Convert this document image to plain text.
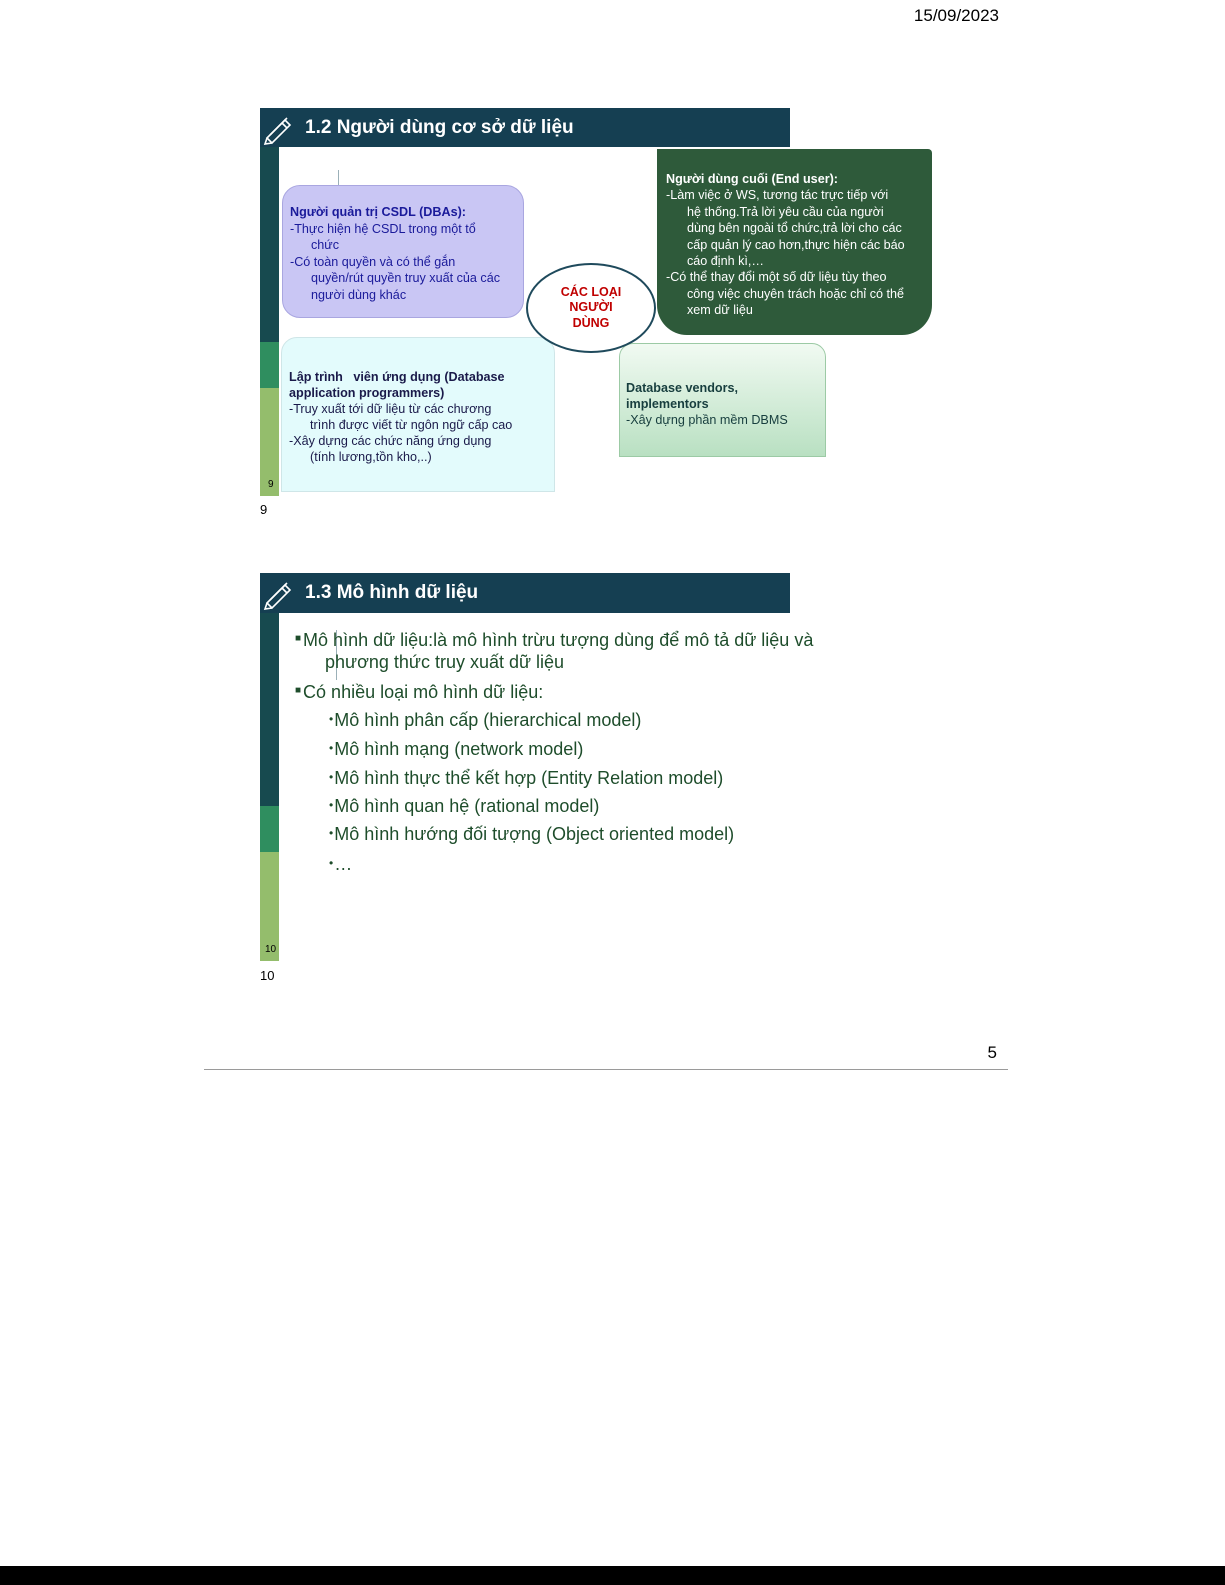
15/09/2023
9
1.2 Người dùng cơ sở dữ liệu
Người quản trị CSDL (DBAs):
-Thực hiện hệ CSDL trong một tổ
chức
-Có toàn quyền và có thể gắn
quyền/rút quyền truy xuất của các
người dùng khác
Người dùng cuối (End user):
-Làm việc ở WS, tương tác trực tiếp với
hệ thống.Trả lời yêu cầu của người
dùng bên ngoài tổ chức,trả lời cho các
cấp quản lý cao hơn,thực hiện các báo
cáo định kì,…
-Có thể thay đổi một số dữ liệu tùy theo
công việc chuyên trách hoặc chỉ có thể
xem dữ liệu
Lập trình   viên ứng dụng (Database
application programmers)
-Truy xuất tới dữ liệu từ các chương
trình được viết từ ngôn ngữ cấp cao
-Xây dựng các chức năng ứng dụng
(tính lương,tồn kho,..)
Database vendors,
implementors
-Xây dựng phần mềm DBMS
CÁC LOẠI
NGƯỜI
DÙNG
9
10
1.3 Mô hình dữ liệu
■ Mô hình dữ liệu:là mô hình trừu tượng dùng để mô tả dữ liệu và
phương thức truy xuất dữ liệu
■ Có nhiều loại mô hình dữ liệu:
•Mô hình phân cấp (hierarchical model)
•Mô hình mạng (network model)
•Mô hình thực thể kết hợp (Entity Relation model)
•Mô hình quan hệ (rational model)
•Mô hình hướng đối tượng (Object oriented model)
•…
10
5
